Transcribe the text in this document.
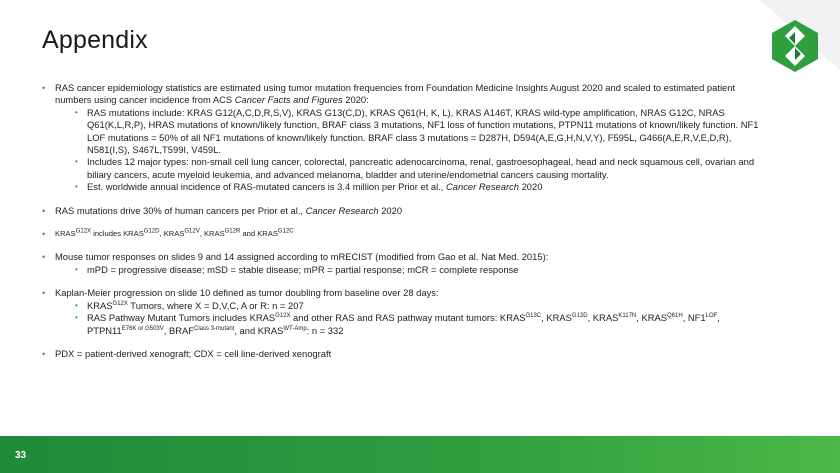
Appendix
• RAS cancer epidemiology statistics are estimated using tumor mutation frequencies from Foundation Medicine Insights August 2020 and scaled to estimated patient numbers using cancer incidence from ACS Cancer Facts and Figures 2020:
• RAS mutations include: KRAS G12(A,C,D,R,S,V), KRAS G13(C,D), KRAS Q61(H, K, L), KRAS A146T, KRAS wild-type amplification, NRAS G12C, NRAS Q61(K,L,R,P), HRAS mutations of known/likely function, BRAF class 3 mutations, NF1 loss of function mutations, PTPN11 mutations of known/likely function. NF1 LOF mutations = 50% of all NF1 mutations of known/likely function. BRAF class 3 mutations = D287H, D594(A,E,G,H,N,V,Y), F595L, G466(A,E,R,V,E,D,R), N581(I,S), S467L,T599I, V459L.
• Includes 12 major types: non-small cell lung cancer, colorectal, pancreatic adenocarcinoma, renal, gastroesophageal, head and neck squamous cell, ovarian and biliary cancers, acute myeloid leukemia, and advanced melanoma, bladder and uterine/endometrial cancers causing mortality.
• Est. worldwide annual incidence of RAS-mutated cancers is 3.4 million per Prior et al., Cancer Research 2020
• RAS mutations drive 30% of human cancers per Prior et al., Cancer Research 2020
• $KRAS^{G12X}$ includes $KRAS^{G12D}$, $KRAS^{G12V}$, $KRAS^{G12R}$ and $KRAS^{G12C}$
• Mouse tumor responses on slides 9 and 14 assigned according to mRECIST (modified from Gao et al. Nat Med. 2015):
• mPD = progressive disease; mSD = stable disease; mPR = partial response; mCR = complete response
• Kaplan-Meier progression on slide 10 defined as tumor doubling from baseline over 28 days:
• $KRAS^{G12X}$ Tumors, where X = D,V,C, A or R: n = 207
• RAS Pathway Mutant Tumors includes $KRAS^{G12X}$ and other RAS and RAS pathway mutant tumors: $KRAS^{G13C}$, $KRAS^{G13D}$, $KRAS^{K117N}$, $KRAS^{Q61H}$, $NF1^{LOF}$,
$PTPN11^{E76K or G503V}$, $BRAF^{Class 3-mutant}$, and $KRAS^{WT-Amp}$: n = 332
• PDX = patient-derived xenograft; CDX = cell line-derived xenograft
33
